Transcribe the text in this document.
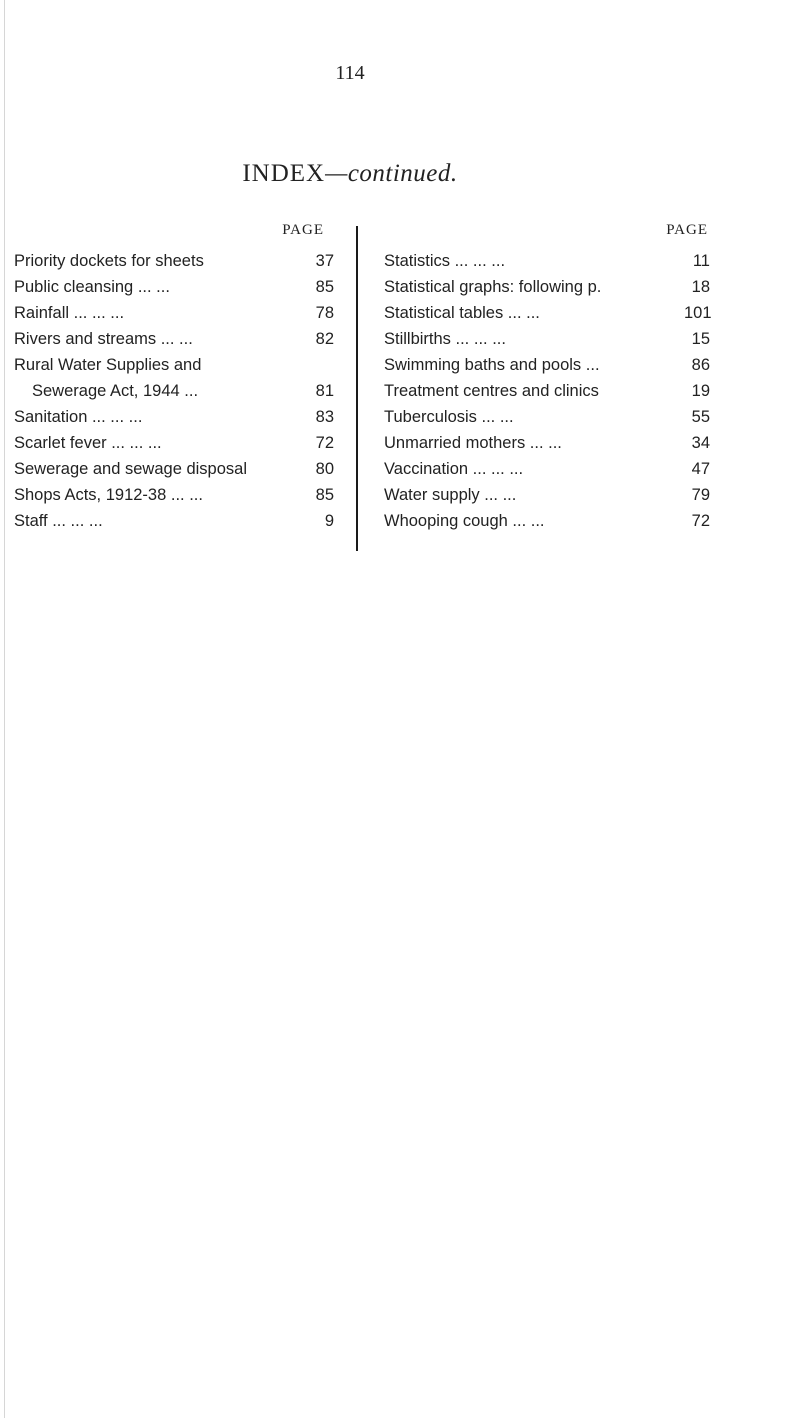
114
INDEX—continued.
PAGE
Priority dockets for sheets	37
Public cleansing ... ...	85
Rainfall ... ... ...	78
Rivers and streams ... ...	82
Rural Water Supplies and
Sewerage Act, 1944 ...	81
Sanitation ... ... ...	83
Scarlet fever ... ... ...	72
Sewerage and sewage disposal	80
Shops Acts, 1912-38 ... ...	85
Staff ... ... ...	9
PAGE
Statistics ... ... ...	11
Statistical graphs: following p.	18
Statistical tables ... ...	101
Stillbirths ... ... ...	15
Swimming baths and pools ...	86
Treatment centres and clinics	19
Tuberculosis ... ...	55
Unmarried mothers ... ...	34
Vaccination ... ... ...	47
Water supply ... ...	79
Whooping cough ... ...	72
